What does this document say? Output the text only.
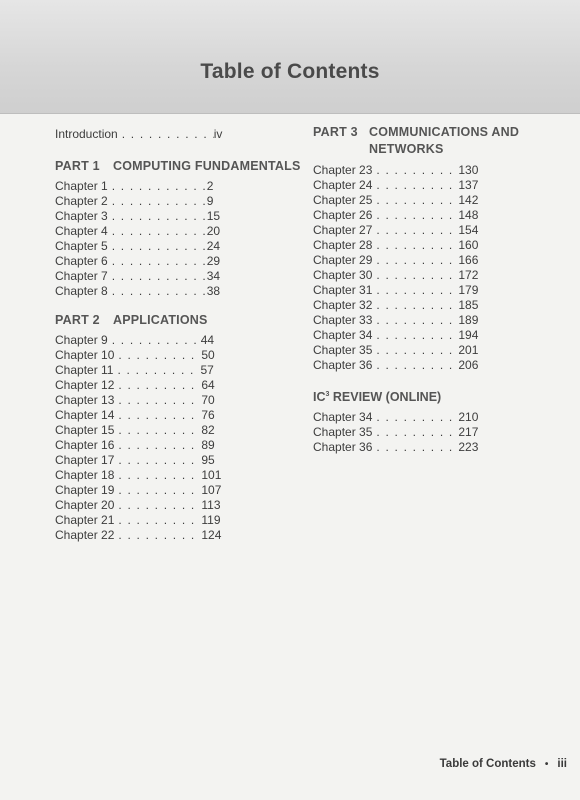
Table of Contents
Introduction . . .	iv
PART 1	COMPUTING FUNDAMENTALS
Chapter 1 . . .	2
Chapter 2 . . .	9
Chapter 3 . . .	15
Chapter 4 . . .	20
Chapter 5 . . .	24
Chapter 6 . . .	29
Chapter 7 . . .	34
Chapter 8 . . .	38
PART 2	APPLICATIONS
Chapter 9 . . .	44
Chapter 10 . . .	50
Chapter 11 . . .	57
Chapter 12 . . .	64
Chapter 13 . . .	70
Chapter 14 . . .	76
Chapter 15 . . .	82
Chapter 16 . . .	89
Chapter 17 . . .	95
Chapter 18 . . .	101
Chapter 19 . . .	107
Chapter 20 . . .	113
Chapter 21 . . .	119
Chapter 22 . . .	124
PART 3 COMMUNICATIONS AND
NETWORKS
Chapter 23 . . .	130
Chapter 24 . . .	137
Chapter 25 . . .	142
Chapter 26 . . .	148
Chapter 27 . . .	154
Chapter 28 . . .	160
Chapter 29 . . .	166
Chapter 30 . . .	172
Chapter 31 . . .	179
Chapter 32 . . .	185
Chapter 33 . . .	189
Chapter 34 . . .	194
Chapter 35 . . .	201
Chapter 36 . . .	206
$IC^3$ REVIEW (ONLINE)
Chapter 34 . . .	210
Chapter 35 . . .	217
Chapter 36 . . .	223
Table of Contents • iii
